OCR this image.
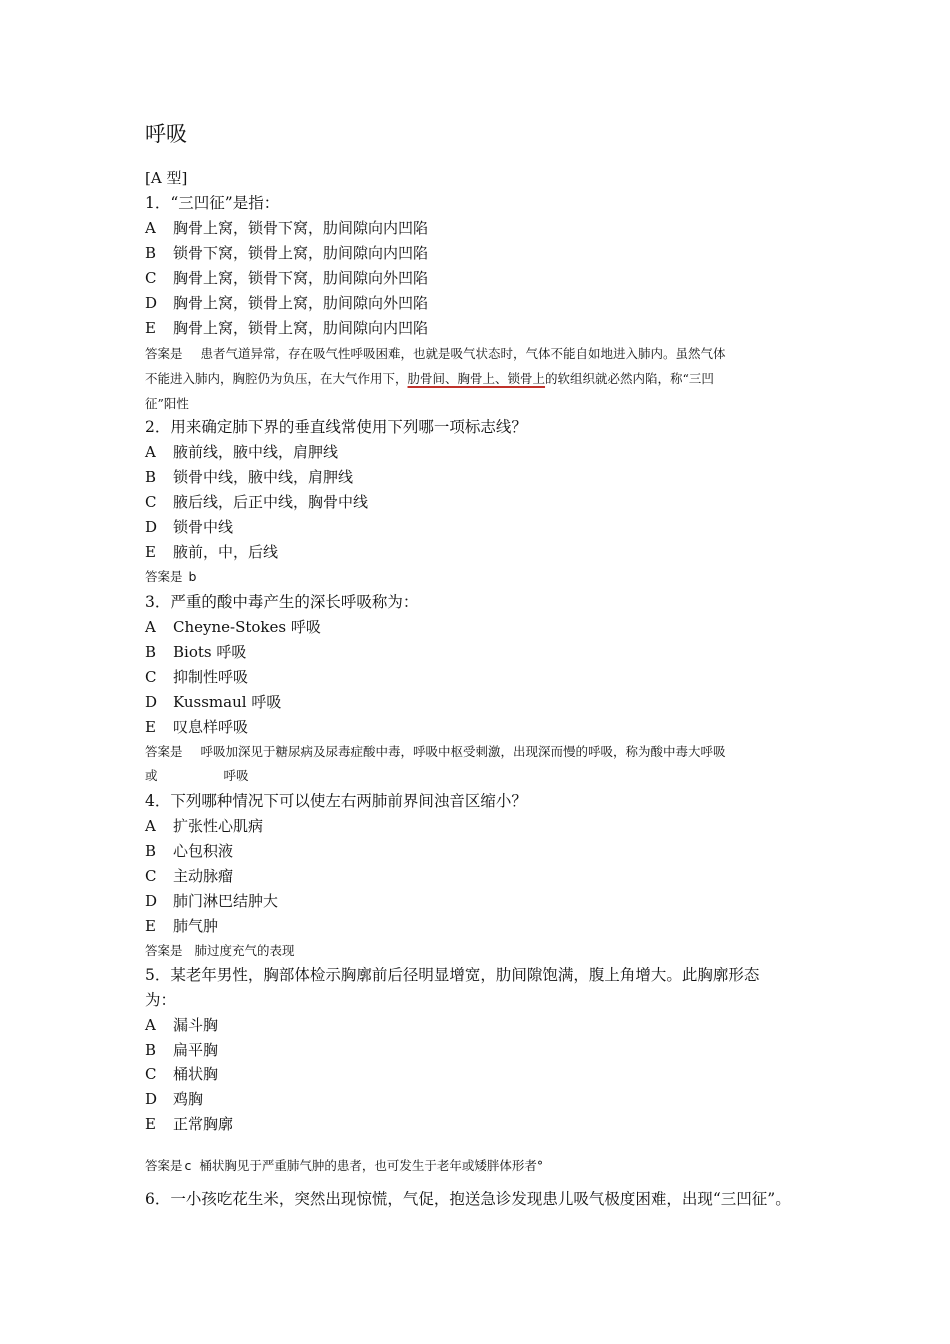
呼吸
[A 型]
1．“三凹征”是指：
A	胸骨上窝，锁骨下窝，肋间隙向内凹陷
B	锁骨下窝，锁骨上窝，肋间隙向内凹陷
C	胸骨上窝，锁骨下窝，肋间隙向外凹陷
D	胸骨上窝，锁骨上窝，肋间隙向外凹陷
E	胸骨上窝，锁骨上窝，肋间隙向内凹陷
答案是 患者气道异常，存在吸气性呼吸困难，也就是吸气状态时，气体不能自如地进入肺内。虽然气体
不能进入肺内，胸腔仍为负压，在大气作用下，肋骨间、胸骨上、锁骨上的软组织就必然内陷，称“三凹
征”阳性
2．用来确定肺下界的垂直线常使用下列哪一项标志线？
A	腋前线，腋中线，肩胛线
B	锁骨中线，腋中线，肩胛线
C	腋后线，后正中线，胸骨中线
D	锁骨中线
E	腋前，中，后线
答案是 b
3．严重的酸中毒产生的深长呼吸称为：
A	Cheyne-Stokes 呼吸
B	Biots 呼吸
C	抑制性呼吸
D	Kussmaul 呼吸
E	叹息样呼吸
答案是 呼吸加深见于糖尿病及尿毒症酸中毒，呼吸中枢受刺激，出现深而慢的呼吸，称为酸中毒大呼吸
或	呼吸
4．下列哪种情况下可以使左右两肺前界间浊音区缩小？
A	扩张性心肌病
B	心包积液
C	主动脉瘤
D	肺门淋巴结肿大
E	肺气肿
答案是 肺过度充气的表现
5．某老年男性，胸部体检示胸廓前后径明显增宽，肋间隙饱满，腹上角增大。此胸廓形态
为：
A	漏斗胸
B	扁平胸
C	桶状胸
D	鸡胸
E	正常胸廓
答案是 c 桶状胸见于严重肺气肿的患者，也可发生于老年或矮胖体形者°
6．一小孩吃花生米，突然出现惊慌，气促，抱送急诊发现患儿吸气极度困难，出现“三凹征”。
